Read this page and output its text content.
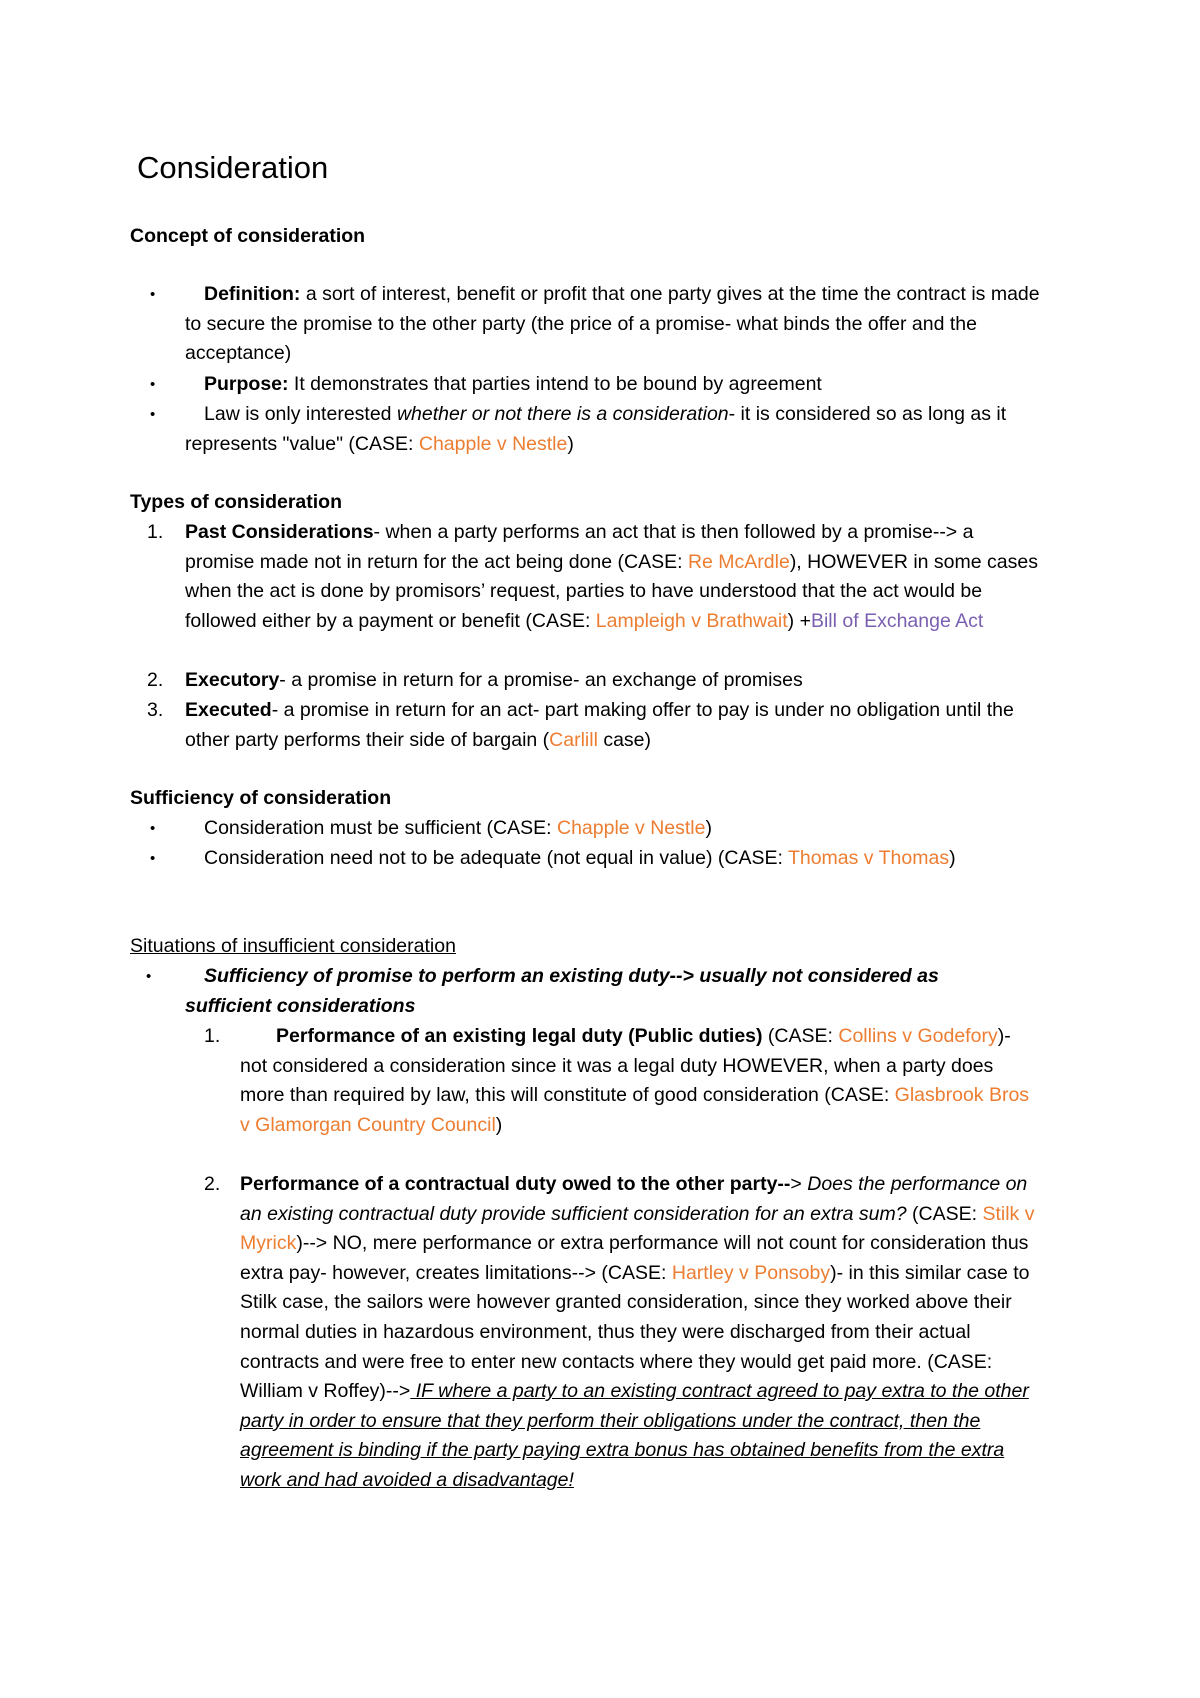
Consideration
Concept of consideration
•	Definition: a sort of interest, benefit or profit that one party gives at the time the contract is made to secure the promise to the other party (the price of a promise- what binds the offer and the acceptance)
•	Purpose: It demonstrates that parties intend to be bound by agreement
•	Law is only interested whether or not there is a consideration- it is considered so as long as it represents "value" (CASE: Chapple v Nestle)
Types of consideration
1. Past Considerations- when a party performs an act that is then followed by a promise--> a promise made not in return for the act being done (CASE: Re McArdle), HOWEVER in some cases when the act is done by promisors’ request, parties to have understood that the act would be followed either by a payment or benefit (CASE: Lampleigh v Brathwait) +Bill of Exchange Act
2. Executory- a promise in return for a promise- an exchange of promises
3. Executed- a promise in return for an act- part making offer to pay is under no obligation until the other party performs their side of bargain (Carlill case)
Sufficiency of consideration
•	Consideration must be sufficient (CASE: Chapple v Nestle)
•	Consideration need not to be adequate (not equal in value) (CASE: Thomas v Thomas)
Situations of insufficient consideration
•	Sufficiency of promise to perform an existing duty--> usually not considered as sufficient considerations
1.	Performance of an existing legal duty (Public duties) (CASE: Collins v Godefory)- not considered a consideration since it was a legal duty HOWEVER, when a party does more than required by law, this will constitute of good consideration (CASE: Glasbrook Bros v Glamorgan Country Council)
2. Performance of a contractual duty owed to the other party--> Does the performance on an existing contractual duty provide sufficient consideration for an extra sum? (CASE: Stilk v Myrick)--> NO, mere performance or extra performance will not count for consideration thus extra pay- however, creates limitations--> (CASE: Hartley v Ponsoby)- in this similar case to Stilk case, the sailors were however granted consideration, since they worked above their normal duties in hazardous environment, thus they were discharged from their actual contracts and were free to enter new contacts where they would get paid more. (CASE: William v Roffey)--> IF where a party to an existing contract agreed to pay extra to the other party in order to ensure that they perform their obligations under the contract, then the agreement is binding if the party paying extra bonus has obtained benefits from the extra work and had avoided a disadvantage!
